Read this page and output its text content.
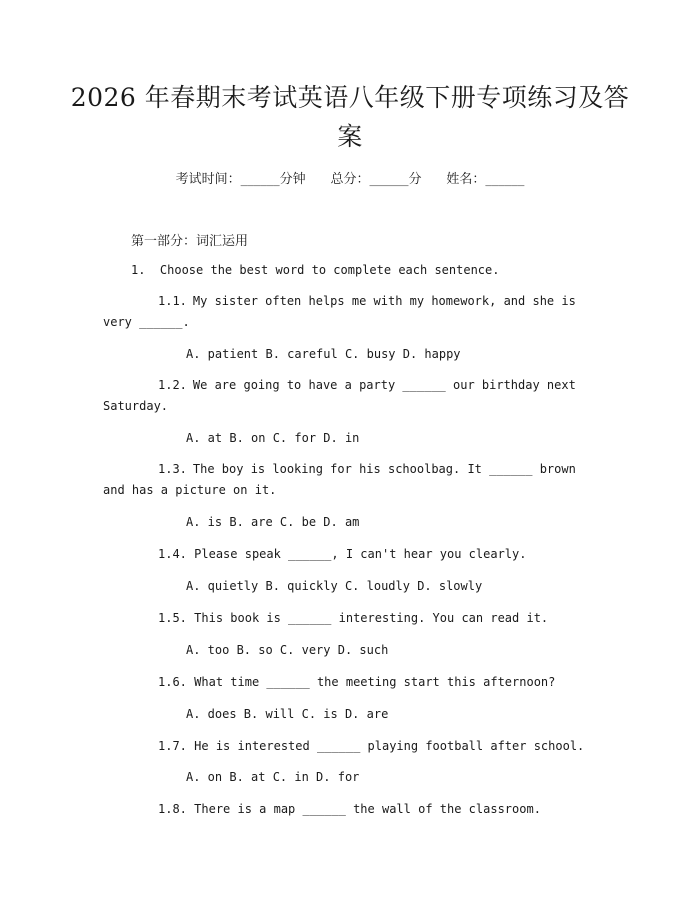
2026 年春期末考试英语八年级下册专项练习及答案
考试时间：______分钟 总分：______分 姓名：______
第一部分：词汇运用
1. Choose the best word to complete each sentence.
1.1. My sister often helps me with my homework, and she is very ______.
A. patient B. careful C. busy D. happy
1.2. We are going to have a party ______ our birthday next Saturday.
A. at B. on C. for D. in
1.3. The boy is looking for his schoolbag. It ______ brown and has a picture on it.
A. is B. are C. be D. am
1.4. Please speak ______, I can't hear you clearly.
A. quietly B. quickly C. loudly D. slowly
1.5. This book is ______ interesting. You can read it.
A. too B. so C. very D. such
1.6. What time ______ the meeting start this afternoon?
A. does B. will C. is D. are
1.7. He is interested ______ playing football after school.
A. on B. at C. in D. for
1.8. There is a map ______ the wall of the classroom.
